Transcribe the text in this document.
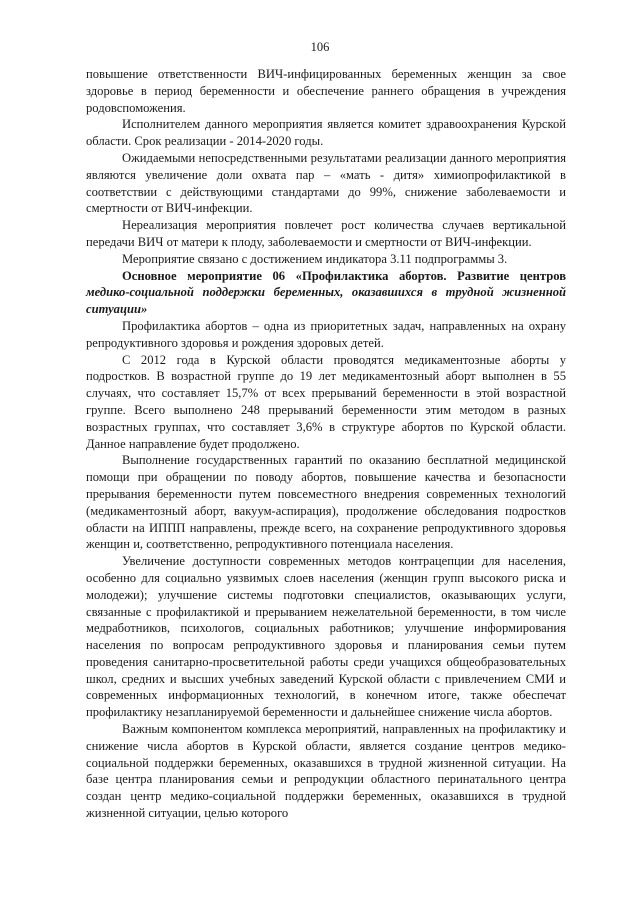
106

повышение ответственности ВИЧ-инфицированных беременных женщин за свое здоровье в период беременности и обеспечение раннего обращения в учреждения родовспоможения.

Исполнителем данного мероприятия является комитет здравоохранения Курской области. Срок реализации - 2014-2020 годы.

Ожидаемыми непосредственными результатами реализации данного мероприятия являются увеличение доли охвата пар – «мать - дитя» химиопрофилактикой в соответствии с действующими стандартами до 99%, снижение заболеваемости и смертности от ВИЧ-инфекции.

Нереализация мероприятия повлечет рост количества случаев вертикальной передачи ВИЧ от матери к плоду, заболеваемости и смертности от ВИЧ-инфекции.

Мероприятие связано с достижением индикатора 3.11 подпрограммы 3.

Основное мероприятие 06 «Профилактика абортов. Развитие центров медико-социальной поддержки беременных, оказавшихся в трудной жизненной ситуации»

Профилактика абортов – одна из приоритетных задач, направленных на охрану репродуктивного здоровья и рождения здоровых детей.

С 2012 года в Курской области проводятся медикаментозные аборты у подростков. В возрастной группе до 19 лет медикаментозный аборт выполнен в 55 случаях, что составляет 15,7% от всех прерываний беременности в этой возрастной группе. Всего выполнено 248 прерываний беременности этим методом в разных возрастных группах, что составляет 3,6% в структуре абортов по Курской области. Данное направление будет продолжено.

Выполнение государственных гарантий по оказанию бесплатной медицинской помощи при обращении по поводу абортов, повышение качества и безопасности прерывания беременности путем повсеместного внедрения современных технологий (медикаментозный аборт, вакуум-аспирация), продолжение обследования подростков области на ИППП направлены, прежде всего, на сохранение репродуктивного здоровья женщин и, соответственно, репродуктивного потенциала населения.

Увеличение доступности современных методов контрацепции для населения, особенно для социально уязвимых слоев населения (женщин групп высокого риска и молодежи); улучшение системы подготовки специалистов, оказывающих услуги, связанные с профилактикой и прерыванием нежелательной беременности, в том числе медработников, психологов, социальных работников; улучшение информирования населения по вопросам репродуктивного здоровья и планирования семьи путем проведения санитарно-просветительной работы среди учащихся общеобразовательных школ, средних и высших учебных заведений Курской области с привлечением СМИ и современных информационных технологий, в конечном итоге, также обеспечат профилактику незапланируемой беременности и дальнейшее снижение числа абортов.

Важным компонентом комплекса мероприятий, направленных на профилактику и снижение числа абортов в Курской области, является создание центров медико-социальной поддержки беременных, оказавшихся в трудной жизненной ситуации. На базе центра планирования семьи и репродукции областного перинатального центра создан центр медико-социальной поддержки беременных, оказавшихся в трудной жизненной ситуации, целью которого
